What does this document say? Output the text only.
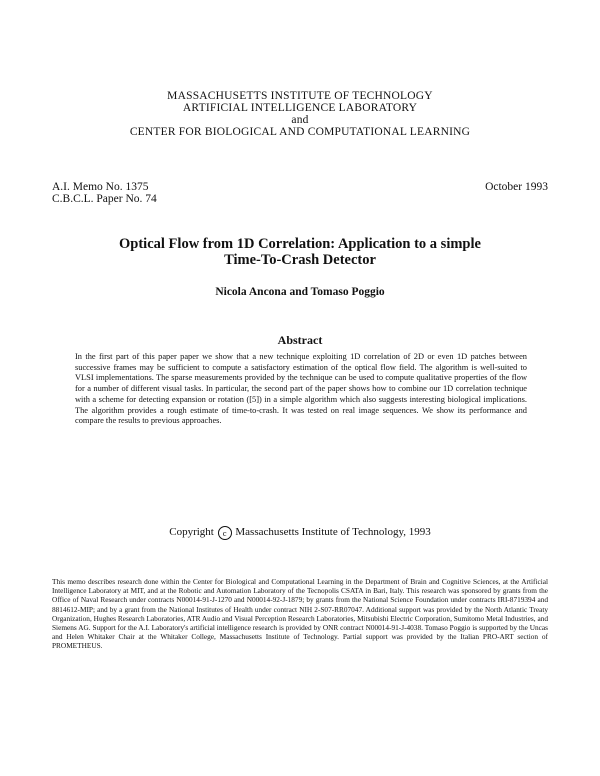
MASSACHUSETTS INSTITUTE OF TECHNOLOGY
ARTIFICIAL INTELLIGENCE LABORATORY
and
CENTER FOR BIOLOGICAL AND COMPUTATIONAL LEARNING
A.I. Memo No. 1375
C.B.C.L. Paper No. 74
October 1993
Optical Flow from 1D Correlation: Application to a simple
Time-To-Crash Detector
Nicola Ancona and Tomaso Poggio
Abstract
In the first part of this paper paper we show that a new technique exploiting 1D correlation of 2D or even 1D patches between successive frames may be sufficient to compute a satisfactory estimation of the optical flow field. The algorithm is well-suited to VLSI implementations. The sparse measurements provided by the technique can be used to compute qualitative properties of the flow for a number of different visual tasks. In particular, the second part of the paper shows how to combine our 1D correlation technique with a scheme for detecting expansion or rotation ([5]) in a simple algorithm which also suggests interesting biological implications. The algorithm provides a rough estimate of time-to-crash. It was tested on real image sequences. We show its performance and compare the results to previous approaches.
Copyright c Massachusetts Institute of Technology, 1993
This memo describes research done within the Center for Biological and Computational Learning in the Department of Brain and Cognitive Sciences, at the Artificial Intelligence Laboratory at MIT, and at the Robotic and Automation Laboratory of the Tecnopolis CSATA in Bari, Italy. This research was sponsored by grants from the Office of Naval Research under contracts N00014-91-J-1270 and N00014-92-J-1879; by grants from the National Science Foundation under contracts IRI-8719394 and 8814612-MIP; and by a grant from the National Institutes of Health under contract NIH 2-S07-RR07047. Additional support was provided by the North Atlantic Treaty Organization, Hughes Research Laboratories, ATR Audio and Visual Perception Research Laboratories, Mitsubishi Electric Corporation, Sumitomo Metal Industries, and Siemens AG. Support for the A.I. Laboratory's artificial intelligence research is provided by ONR contract N00014-91-J-4038. Tomaso Poggio is supported by the Uncas and Helen Whitaker Chair at the Whitaker College, Massachusetts Institute of Technology. Partial support was provided by the Italian PRO-ART section of PROMETHEUS.
